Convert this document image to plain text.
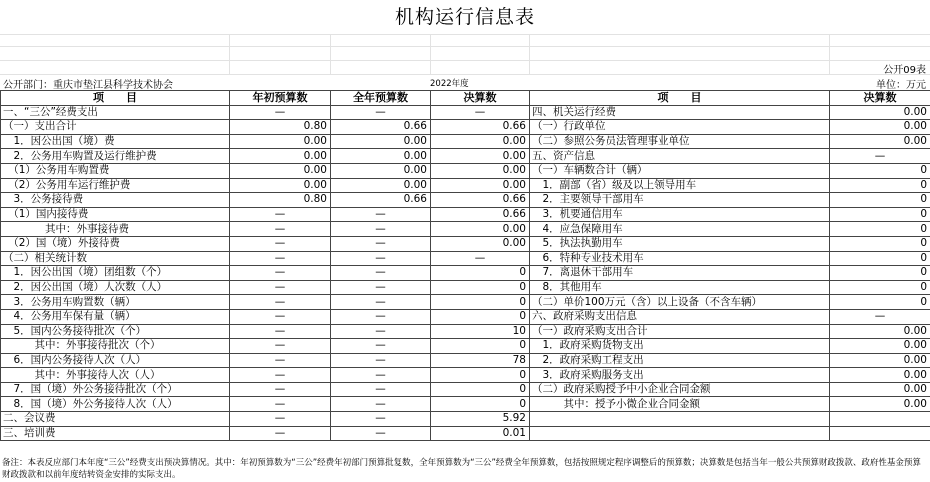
机构运行信息表
公开09表
公开部门：重庆市垫江县科学技术协会	2022年度	单位：万元
项　　目	年初预算数	全年预算数	决算数	项　　目	决算数
一、“三公”经费支出	—	—	—	四、机关运行经费	0.00
（一）支出合计	0.80	0.66	0.66	（一）行政单位	0.00
　1．因公出国（境）费	0.00	0.00	0.00	（二）参照公务员法管理事业单位	0.00
　2．公务用车购置及运行维护费	0.00	0.00	0.00	五、资产信息	—
　（1）公务用车购置费	0.00	0.00	0.00	（一）车辆数合计（辆）	0
　（2）公务用车运行维护费	0.00	0.00	0.00	　1．副部（省）级及以上领导用车	0
　3．公务接待费	0.80	0.66	0.66	　2．主要领导干部用车	0
　（1）国内接待费	—	—	0.66	　3．机要通信用车	0
　　　　其中：外事接待费	—	—	0.00	　4．应急保障用车	0
　（2）国（境）外接待费	—	—	0.00	　5．执法执勤用车	0
（二）相关统计数	—	—	—	　6．特种专业技术用车	0
　1．因公出国（境）团组数（个）	—	—	0	　7．离退休干部用车	0
　2．因公出国（境）人次数（人）	—	—	0	　8．其他用车	0
　3．公务用车购置数（辆）	—	—	0	（二）单价100万元（含）以上设备（不含车辆）	0
　4．公务用车保有量（辆）	—	—	0	六、政府采购支出信息	—
　5．国内公务接待批次（个）	—	—	10	（一）政府采购支出合计	0.00
　　　其中：外事接待批次（个）	—	—	0	　1．政府采购货物支出	0.00
　6．国内公务接待人次（人）	—	—	78	　2．政府采购工程支出	0.00
　　　其中：外事接待人次（人）	—	—	0	　3．政府采购服务支出	0.00
　7．国（境）外公务接待批次（个）	—	—	0	（二）政府采购授予中小企业合同金额	0.00
　8．国（境）外公务接待人次（人）	—	—	0	　　　其中：授予小微企业合同金额	0.00
二、会议费	—	—	5.92		
三、培训费	—	—	0.01		
备注：本表反应部门本年度“三公”经费支出预决算情况。其中：年初预算数为“三公”经费年初部门预算批复数，全年预算数为“三公”经费全年预算数，包括按照规定程序调整后的预算数；决算数是包括当年一般公共预算财政拨款、政府性基金预算财政拨款和以前年度结转资金安排的实际支出。
